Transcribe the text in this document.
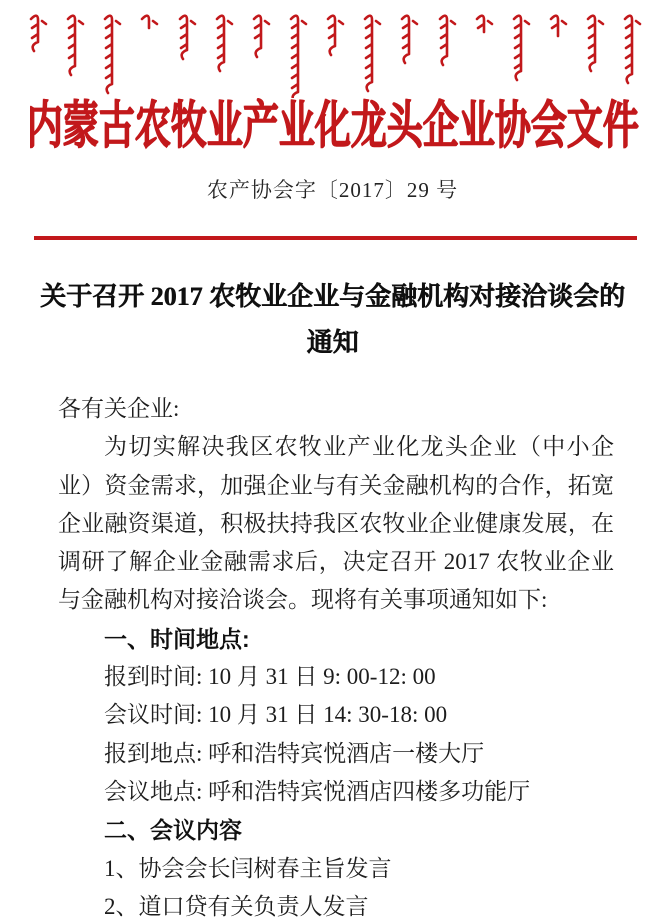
内蒙古农牧业产业化龙头企业协会文件
农产协会字〔2017〕29 号
关于召开 2017 农牧业企业与金融机构对接洽谈会的
通知
各有关企业:

为切实解决我区农牧业产业化龙头企业（中小企业）资金需求，加强企业与有关金融机构的合作，拓宽企业融资渠道，积极扶持我区农牧业企业健康发展，在调研了解企业金融需求后，决定召开 2017 农牧业企业与金融机构对接洽谈会。现将有关事项通知如下:

一、时间地点:
报到时间: 10 月 31 日 9: 00-12: 00
会议时间: 10 月 31 日 14: 30-18: 00
报到地点: 呼和浩特宾悦酒店一楼大厅
会议地点: 呼和浩特宾悦酒店四楼多功能厅
二、会议内容
1、协会会长闫树春主旨发言
2、道口贷有关负责人发言
